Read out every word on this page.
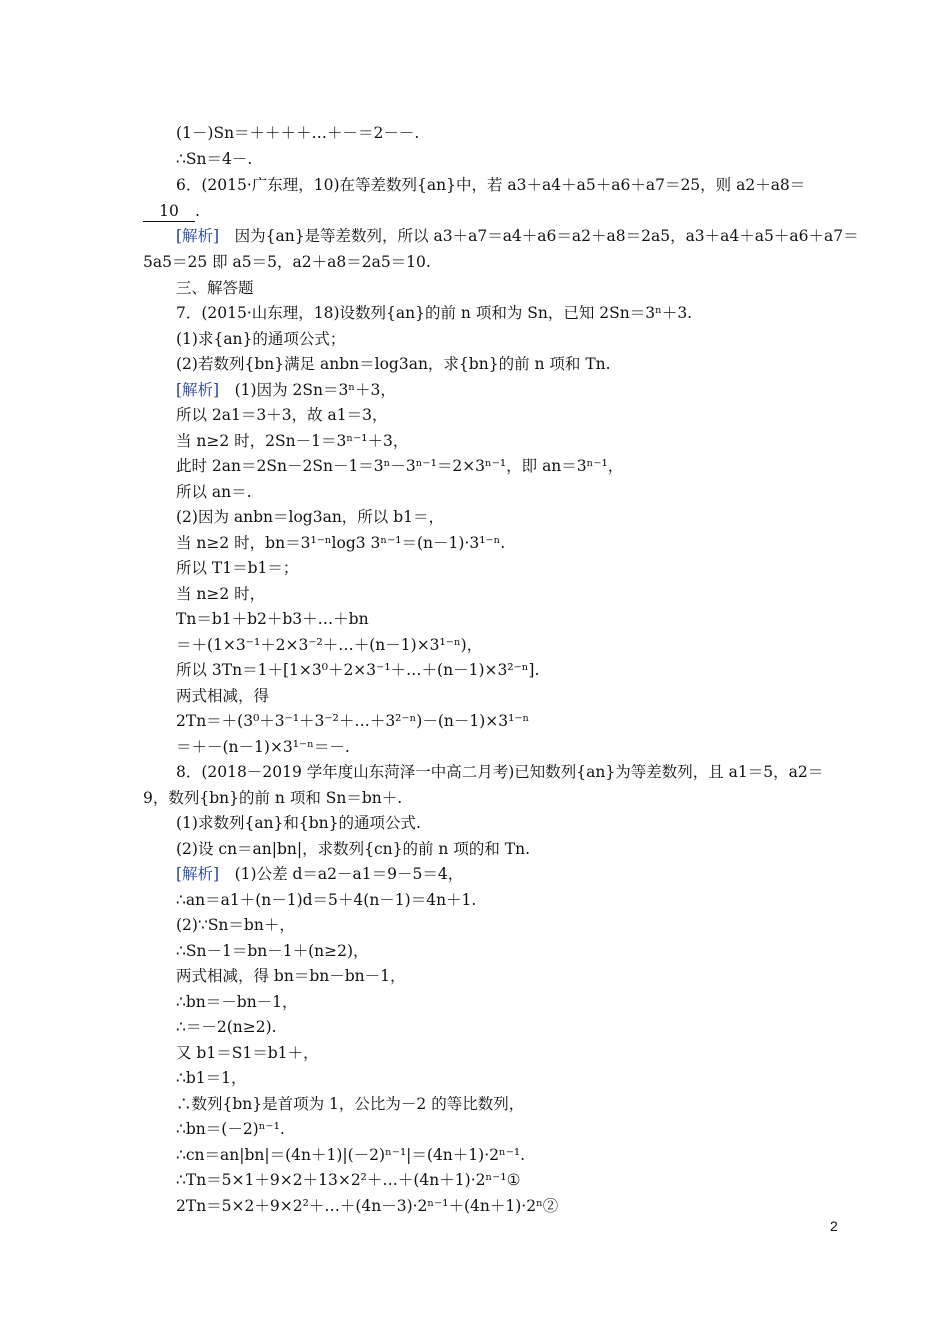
(1－)Sn＝＋＋＋＋…＋－＝2－－.
∴Sn＝4－.
6．(2015·广东理，10)在等差数列{an}中，若 a3＋a4＋a5＋a6＋a7＝25，则 a2＋a8＝
10 .
[解析]　因为{an}是等差数列，所以 a3＋a7＝a4＋a6＝a2＋a8＝2a5，a3＋a4＋a5＋a6＋a7＝
5a5＝25 即 a5＝5，a2＋a8＝2a5＝10.
三、解答题
7．(2015·山东理，18)设数列{an}的前 n 项和为 Sn，已知 2Sn＝3ⁿ＋3.
(1)求{an}的通项公式；
(2)若数列{bn}满足 anbn＝log3an，求{bn}的前 n 项和 Tn.
[解析]　(1)因为 2Sn＝3ⁿ＋3，
所以 2a1＝3＋3，故 a1＝3，
当 n≥2 时，2Sn－1＝3ⁿ⁻¹＋3，
此时 2an＝2Sn－2Sn－1＝3ⁿ－3ⁿ⁻¹＝2×3ⁿ⁻¹，即 an＝3ⁿ⁻¹，
所以 an＝.
(2)因为 anbn＝log3an，所以 b1＝，
当 n≥2 时，bn＝3¹⁻ⁿlog3 3ⁿ⁻¹＝(n－1)·3¹⁻ⁿ.
所以 T1＝b1＝；
当 n≥2 时，
Tn＝b1＋b2＋b3＋…＋bn
＝＋(1×3⁻¹＋2×3⁻²＋…＋(n－1)×3¹⁻ⁿ)，
所以 3Tn＝1＋[1×3⁰＋2×3⁻¹＋…＋(n－1)×3²⁻ⁿ].
两式相减，得
2Tn＝＋(3⁰＋3⁻¹＋3⁻²＋…＋3²⁻ⁿ)－(n－1)×3¹⁻ⁿ
＝＋－(n－1)×3¹⁻ⁿ＝－.
8．(2018－2019 学年度山东菏泽一中高二月考)已知数列{an}为等差数列，且 a1＝5，a2＝
9，数列{bn}的前 n 项和 Sn＝bn＋.
(1)求数列{an}和{bn}的通项公式.
(2)设 cn＝an|bn|，求数列{cn}的前 n 项的和 Tn.
[解析]　(1)公差 d＝a2－a1＝9－5＝4，
∴an＝a1＋(n－1)d＝5＋4(n－1)＝4n＋1.
(2)∵Sn＝bn＋，
∴Sn－1＝bn－1＋(n≥2)，
两式相减，得 bn＝bn－bn－1，
∴bn＝－bn－1，
∴＝－2(n≥2).
又 b1＝S1＝b1＋，
∴b1＝1，
∴数列{bn}是首项为 1，公比为－2 的等比数列，
∴bn＝(－2)ⁿ⁻¹.
∴cn＝an|bn|＝(4n＋1)|(－2)ⁿ⁻¹|＝(4n＋1)·2ⁿ⁻¹.
∴Tn＝5×1＋9×2＋13×2²＋…＋(4n＋1)·2ⁿ⁻¹①
2Tn＝5×2＋9×2²＋…＋(4n－3)·2ⁿ⁻¹＋(4n＋1)·2ⁿ②
2
